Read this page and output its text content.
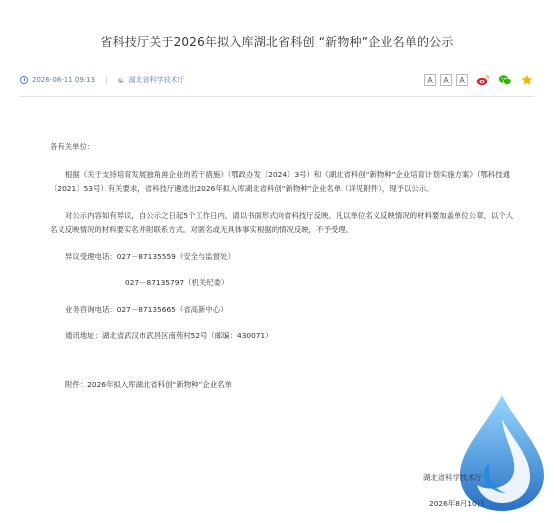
省科技厅关于2026年拟入库湖北省科创 “新物种”企业名单的公示
2026-08-11 09:13 | ☯ 湖北省科学技术厅	A	A	A

各有关单位：

根据《关于支持培育发展独角兽企业的若干措施》（鄂政办发〔2024〕3号）和《湖北省科创“新物种”企业培育计划实施方案》（鄂科技通〔2021〕53号）有关要求，省科技厅遴选出2026年拟入库湖北省科创“新物种”企业名单（详见附件），现予以公示。

对公示内容如有异议，自公示之日起5个工作日内，请以书面形式向省科技厅反映。凡以单位名义反映情况的材料要加盖单位公章，以个人名义反映情况的材料要实名并附联系方式。对匿名或无具体事实根据的情况反映，不予受理。

异议受理电话：027－87135559（安全与监督处）

027－87135797（机关纪委）

业务咨询电话：027－87135665（省高新中心）

通讯地址：湖北省武汉市武昌区南苑村52号（邮编：430071）

附件：2026年拟入库湖北省科创“新物种”企业名单

湖北省科学技术厅
2026年8月10日
